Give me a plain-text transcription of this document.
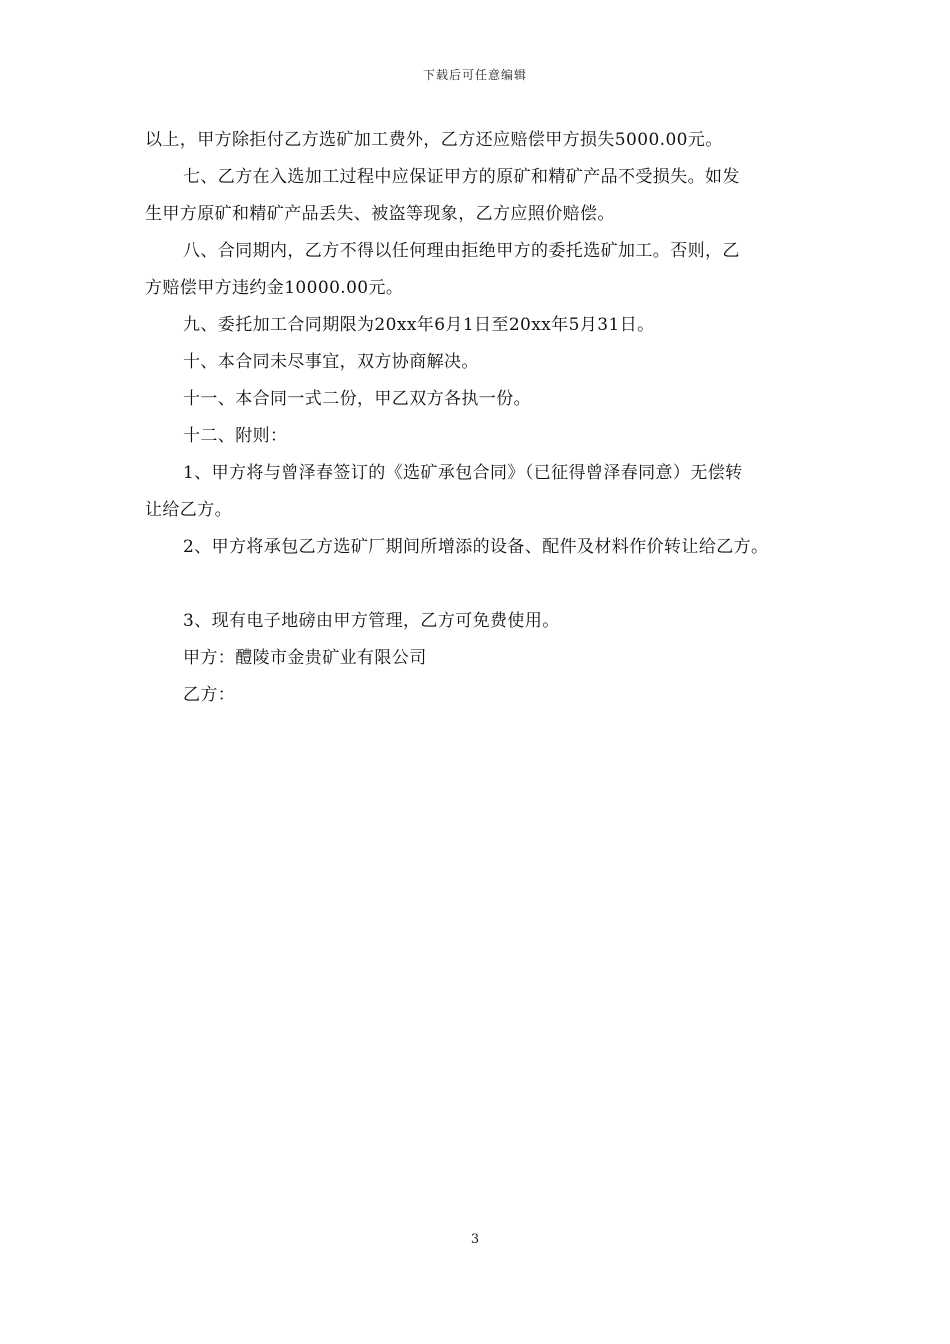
下载后可任意编辑
以上，甲方除拒付乙方选矿加工费外，乙方还应赔偿甲方损失5000.00元。
七、乙方在入选加工过程中应保证甲方的原矿和精矿产品不受损失。如发
生甲方原矿和精矿产品丢失、被盗等现象，乙方应照价赔偿。
八、合同期内，乙方不得以任何理由拒绝甲方的委托选矿加工。否则，乙
方赔偿甲方违约金10000.00元。
九、委托加工合同期限为20xx年6月1日至20xx年5月31日。
十、本合同未尽事宜，双方协商解决。
十一、本合同一式二份，甲乙双方各执一份。
十二、附则：
1、甲方将与曾泽春签订的《选矿承包合同》（已征得曾泽春同意）无偿转
让给乙方。
2、甲方将承包乙方选矿厂期间所增添的设备、配件及材料作价转让给乙方。
3、现有电子地磅由甲方管理，乙方可免费使用。
甲方：醴陵市金贵矿业有限公司
乙方：
3
